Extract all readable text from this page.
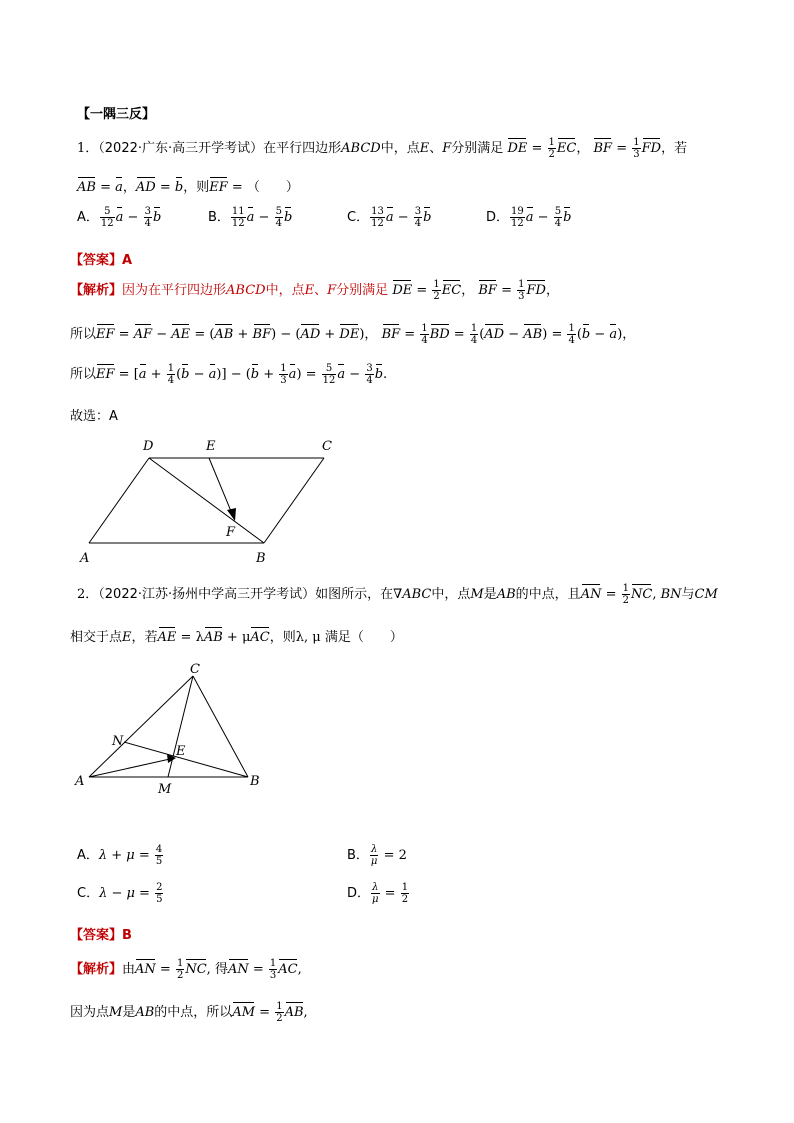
【一隅三反】
1．（2022·广东·高三开学考试）在平行四边形ABCD中，点E、F分别满足 DE = $\frac{1}{2}$ EC， BF = $\frac{1}{3}$ FD，若
AB = a，AD = b，则EF = （　　）
A． $\frac{5}{12}$ $a - \frac{3}{4}$ b	B． $\frac{11}{12}$ $a - \frac{5}{4}$ b	C． $\frac{13}{12}$ $a - \frac{3}{4}$ b	D． $\frac{19}{12}$ $a - \frac{5}{4}$ b
【答案】A
【解析】因为在平行四边形ABCD中，点E、F分别满足 DE = $\frac{1}{2}$ EC， BF = $\frac{1}{3}$ FD，
所以EF = AF − AE = (AB + BF) − (AD + DE)， BF = $\frac{1}{4}$ BD = $\frac{1}{4} (AD - AB) = \frac{1}{4} (b - a)$，
所以EF = $[a + \frac{1}{4} (b - a)] - (b + \frac{1}{3} a) = \frac{5}{12}$ $a - \frac{3}{4} b$.
故选：A
D	E	C
F
A	B
2．（2022·江苏·扬州中学高三开学考试）如图所示，在∇ABC中，点M是AB的中点，且AN = $\frac{1}{2}$ NC, BN与CM
相交于点E，若AE = λAB + μAC，则λ, μ 满足（　　）
C
N
E
A	B
M
A．$\lambda + \mu = \frac{4}{5}$	B． $\frac{\lambda}{\mu} = 2$
C．$\lambda - \mu = \frac{2}{5}$	D． $\frac{\lambda}{\mu} = \frac{1}{2}$
【答案】B
【解析】由AN = $\frac{1}{2}$ NC, 得AN = $\frac{1}{3}$ AC,
因为点M是AB的中点，所以AM = $\frac{1}{2}$ AB,
